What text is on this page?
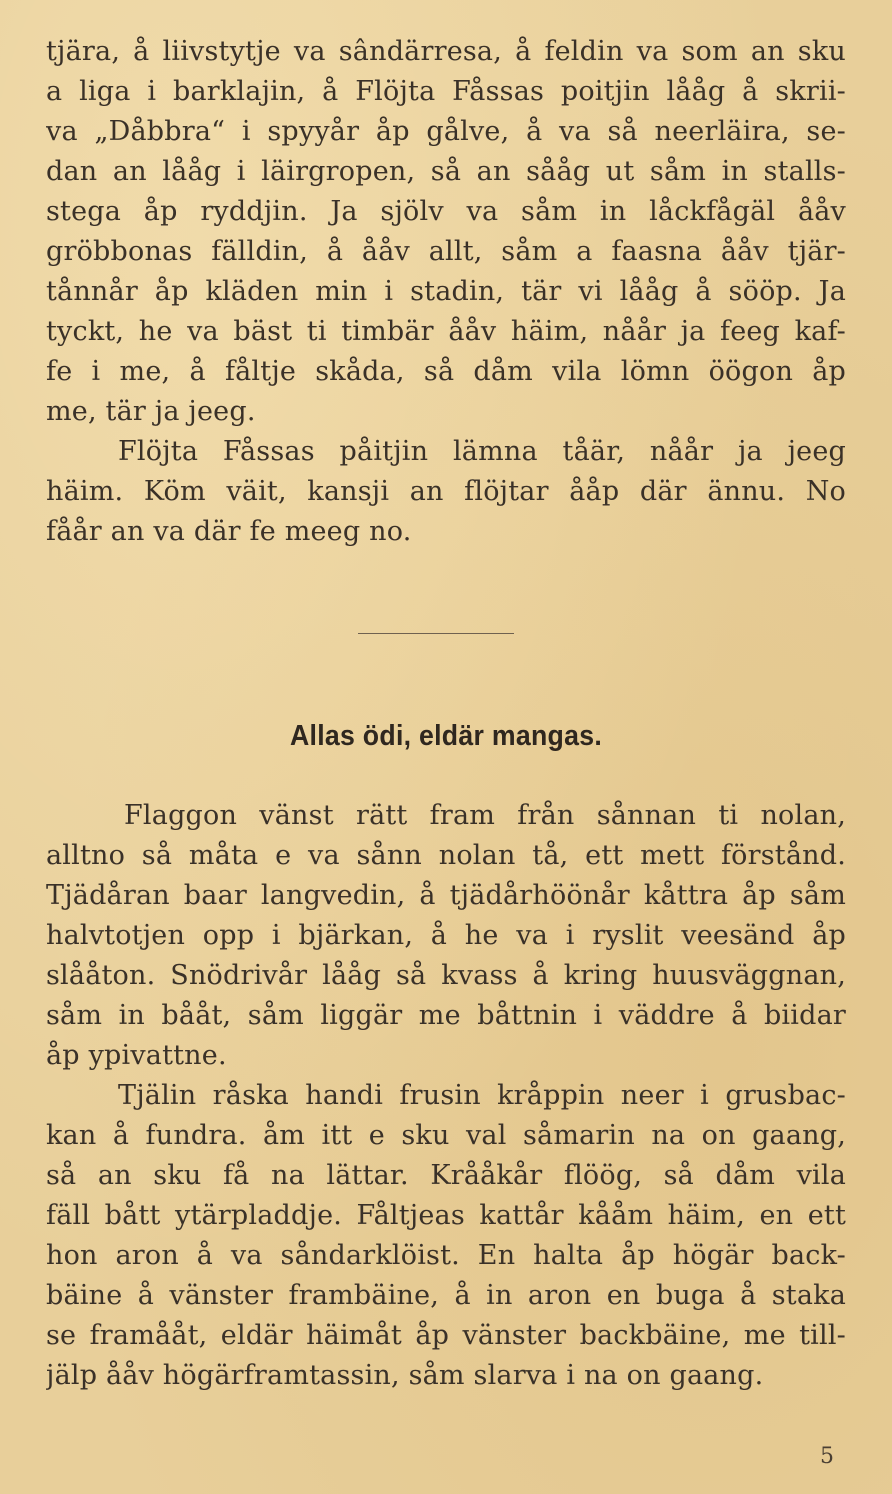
tjära, å liivstytje va sândärresa, å feldin va som an sku
a liga i barklajin, å Flöjta Fåssas poitjin lååg å skrii-
va „Dåbbra“ i spyyår åp gålve, å va så neerläira, se-
dan an lååg i läirgropen, så an sååg ut såm in stalls-
stega åp ryddjin. Ja sjölv va såm in låckfågäl ååv
gröbbonas fälldin, å ååv allt, såm a faasna ååv tjär-
tånnår åp kläden min i stadin, tär vi lååg å sööp. Ja
tyckt, he va bäst ti timbär ååv häim, nåår ja feeg kaf-
fe i me, å fåltje skåda, så dåm vila lömn öögon åp
me, tär ja jeeg.
Flöjta Fåssas påitjin lämna tåär, nåår ja jeeg
häim. Köm väit, kansji an flöjtar ååp där ännu. No
fåår an va där fe meeg no.
Allas ödi, eldär mangas.
Flaggon vänst rätt fram från sånnan ti nolan,
alltno så måta e va sånn nolan tå, ett mett förstånd.
Tjädåran baar langvedin, å tjädårhöönår kåttra åp såm
halvtotjen opp i bjärkan, å he va i ryslit veesänd åp
slååton. Snödrivår lååg så kvass å kring huusväggnan,
såm in bååt, såm liggär me båttnin i väddre å biidar
åp ypivattne.
Tjälin råska handi frusin kråppin neer i grusbac-
kan å fundra. åm itt e sku val såmarin na on gaang,
så an sku få na lättar. Krååkår flöög, så dåm vila
fäll bått ytärpladdje. Fåltjeas kattår kååm häim, en ett
hon aron å va såndarklöist. En halta åp högär back-
bäine å vänster frambäine, å in aron en buga å staka
se framååt, eldär häimåt åp vänster backbäine, me till-
jälp ååv högärframtassin, såm slarva i na on gaang.
5
